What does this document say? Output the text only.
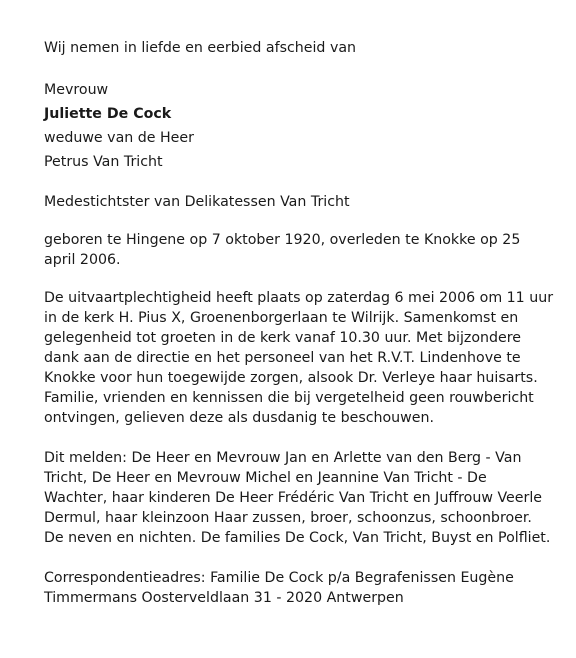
Wij nemen in liefde en eerbied afscheid van
Mevrouw
Juliette De Cock
weduwe van de Heer
Petrus Van Tricht
Medestichtster van Delikatessen Van Tricht
geboren te Hingene op 7 oktober 1920, overleden te Knokke op 25 april 2006.
De uitvaartplechtigheid heeft plaats op zaterdag 6 mei 2006 om 11 uur in de kerk H. Pius X, Groenenborgerlaan te Wilrijk. Samenkomst en gelegenheid tot groeten in de kerk vanaf 10.30 uur. Met bijzondere dank aan de directie en het personeel van het R.V.T. Lindenhove te Knokke voor hun toegewijde zorgen, alsook Dr. Verleye haar huisarts. Familie, vrienden en kennissen die bij vergetelheid geen rouwbericht ontvingen, gelieven deze als dusdanig te beschouwen.
Dit melden: De Heer en Mevrouw Jan en Arlette van den Berg - Van Tricht, De Heer en Mevrouw Michel en Jeannine Van Tricht - De Wachter, haar kinderen De Heer Frédéric Van Tricht en Juffrouw Veerle Dermul, haar kleinzoon Haar zussen, broer, schoonzus, schoonbroer. De neven en nichten. De families De Cock, Van Tricht, Buyst en Polfliet.
Correspondentieadres: Familie De Cock p/a Begrafenissen Eugène Timmermans Oosterveldlaan 31 - 2020 Antwerpen
